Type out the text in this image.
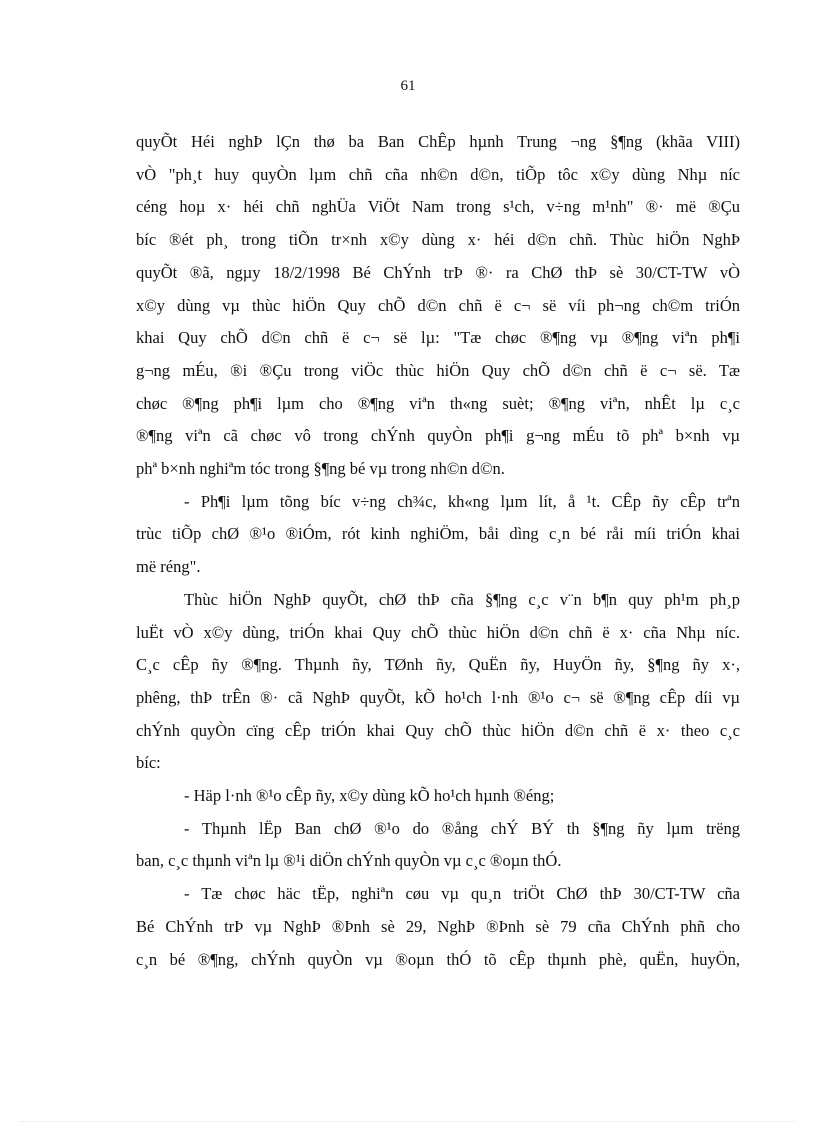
61
quyÕt Héi nghÞ lÇn thø ba Ban ChÊp hµnh Trung ¬ng §¶ng (khãa VIII)
vÒ "ph¸t huy quyÒn lµm chñ cña nh©n d©n, tiÕp tôc x©y dùng Nhµ níc
céng hoµ x· héi chñ nghÜa ViÖt Nam trong s¹ch, v÷ng m¹nh" ®· më ®Çu
bíc ®ét ph¸ trong tiÕn tr×nh x©y dùng x· héi d©n chñ. Thùc hiÖn NghÞ
quyÕt ®ã, ngµy 18/2/1998 Bé ChÝnh trÞ ®· ra ChØ thÞ sè 30/CT-TW vÒ
x©y dùng vµ thùc hiÖn Quy chÕ d©n chñ ë c¬ së víi ph¬ng ch©m triÓn
khai Quy chÕ d©n chñ ë c¬ së lµ: "Tæ chøc ®¶ng vµ ®¶ng viªn ph¶i
g¬ng mÉu, ®i ®Çu trong viÖc thùc hiÖn Quy chÕ d©n chñ ë c¬ së. Tæ
chøc ®¶ng ph¶i lµm cho ®¶ng viªn th«ng suèt; ®¶ng viªn, nhÊt lµ c¸c
®¶ng viªn cã chøc vô trong chÝnh quyÒn ph¶i g¬ng mÉu tõ phª b×nh vµ
phª b×nh nghiªm tóc trong §¶ng bé vµ trong nh©n d©n.
- Ph¶i lµm tõng bíc v÷ng ch¾c, kh«ng lµm lít, å ¹t. CÊp ñy cÊp trªn
trùc tiÕp chØ ®¹o ®iÓm, rót kinh nghiÖm, båi dìng c¸n bé råi míi triÓn khai
më réng".
Thùc hiÖn NghÞ quyÕt, chØ thÞ cña §¶ng c¸c v¨n b¶n quy ph¹m ph¸p
luËt vÒ x©y dùng, triÓn khai Quy chÕ thùc hiÖn d©n chñ ë x· cña Nhµ níc.
C¸c cÊp ñy ®¶ng. Thµnh ñy, TØnh ñy, QuËn ñy, HuyÖn ñy, §¶ng ñy x·,
phêng, thÞ trÊn ®· cã NghÞ quyÕt, kÕ ho¹ch l·nh ®¹o c¬ së ®¶ng cÊp díi vµ
chÝnh quyÒn cïng cÊp triÓn khai Quy chÕ thùc hiÖn d©n chñ ë x· theo c¸c
bíc:
- Häp l·nh ®¹o cÊp ñy, x©y dùng kÕ ho¹ch hµnh ®éng;
- Thµnh lËp Ban chØ ®¹o do ®ång chÝ BÝ th §¶ng ñy lµm trëng
ban, c¸c thµnh viªn lµ ®¹i diÖn chÝnh quyÒn vµ c¸c ®oµn thÓ.
- Tæ chøc häc tËp, nghiªn cøu vµ qu¸n triÖt ChØ thÞ 30/CT-TW cña
Bé ChÝnh trÞ vµ NghÞ ®Þnh sè 29, NghÞ ®Þnh sè 79 cña ChÝnh phñ cho
c¸n bé ®¶ng, chÝnh quyÒn vµ ®oµn thÓ tõ cÊp thµnh phè, quËn, huyÖn,
